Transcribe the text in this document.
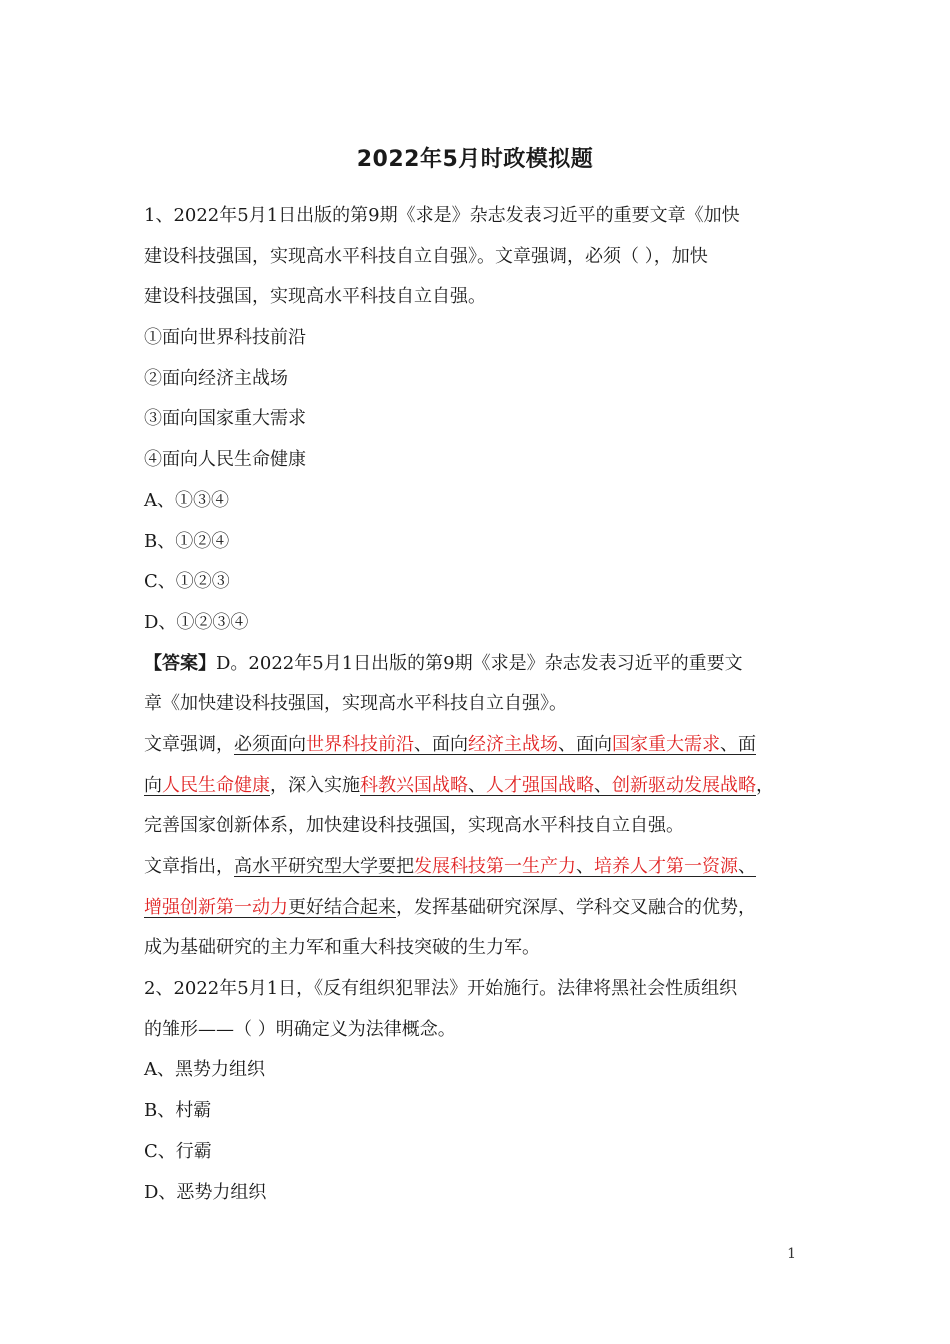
2022年5月时政模拟题
1、2022年5月1日出版的第9期《求是》杂志发表习近平的重要文章《加快
建设科技强国，实现高水平科技自立自强》。文章强调，必须（ ），加快
建设科技强国，实现高水平科技自立自强。
①面向世界科技前沿
②面向经济主战场
③面向国家重大需求
④面向人民生命健康
A、①③④
B、①②④
C、①②③
D、①②③④
【答案】D。2022年5月1日出版的第9期《求是》杂志发表习近平的重要文
章《加快建设科技强国，实现高水平科技自立自强》。
文章强调，必须面向世界科技前沿、面向经济主战场、面向国家重大需求、面
向人民生命健康，深入实施科教兴国战略、人才强国战略、创新驱动发展战略，
完善国家创新体系，加快建设科技强国，实现高水平科技自立自强。
文章指出，高水平研究型大学要把发展科技第一生产力、培养人才第一资源、
增强创新第一动力更好结合起来，发挥基础研究深厚、学科交叉融合的优势，
成为基础研究的主力军和重大科技突破的生力军。
2、2022年5月1日，《反有组织犯罪法》开始施行。法律将黑社会性质组织
的雏形——（ ）明确定义为法律概念。
A、黑势力组织
B、村霸
C、行霸
D、恶势力组织
1
